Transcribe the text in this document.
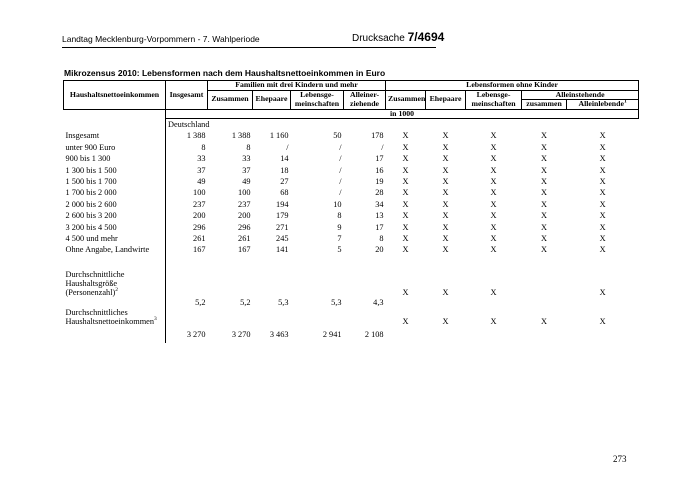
Landtag Mecklenburg-Vorpommern - 7. Wahlperiode	Drucksache 7/4694
Mikrozensus 2010: Lebensformen nach dem Haushaltsnettoeinkommen in Euro
Haushaltsnettoeinkommen	Insgesamt	Familien mit drei Kindern und mehr				Lebensformen ohne Kinder				
		Zusammen	Ehepaare	Lebensge-meinschaften	Alleiner-ziehende	Zusammen	Ehepaare	Lebensge-meinschaften	Alleinstehende	
									zusammen	Alleinlebende$^1$
	in 1000									
	Deutschland									
Insgesamt	1 388	1 388	1 160	50	178	X	X	X	X	X
unter 900 Euro	8	8	/	/	/	X	X	X	X	X
900 bis 1 300	33	33	14	/	17	X	X	X	X	X
1 300 bis 1 500	37	37	18	/	16	X	X	X	X	X
1 500 bis 1 700	49	49	27	/	19	X	X	X	X	X
1 700 bis 2 000	100	100	68	/	28	X	X	X	X	X
2 000 bis 2 600	237	237	194	10	34	X	X	X	X	X
2 600 bis 3 200	200	200	179	8	13	X	X	X	X	X
3 200 bis 4 500	296	296	271	9	17	X	X	X	X	X
4 500 und mehr	261	261	245	7	8	X	X	X	X	X
Ohne Angabe, Landwirte	167	167	141	5	20	X	X	X	X	X

Durchschnittliche
Haushaltsgröße
(Personenzahl)$^2$						X	X	X		X
	5,2	5,2	5,3	5,3	4,3					
Durchschnittliches
Haushaltsnettoeinkommen$^3$						X	X	X	X	X
	3 270	3 270	3 463	2 941	2 108					
273
